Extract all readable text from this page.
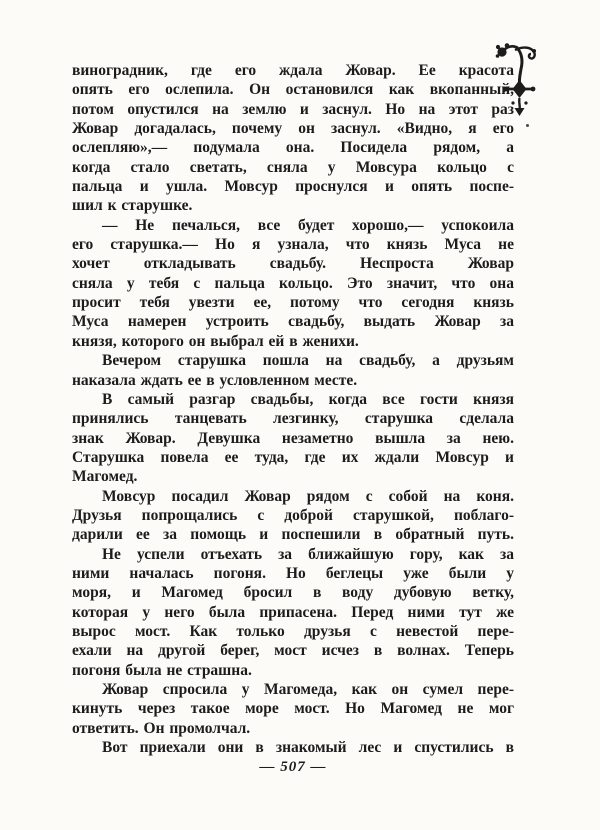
виноградник, где его ждала Жовар. Ее красота
опять его ослепила. Он остановился как вкопанный,
потом опустился на землю и заснул. Но на этот раз
Жовар догадалась, почему он заснул. «Видно, я его
ослепляю»,— подумала она. Посидела рядом, а
когда стало светать, сняла у Мовсура кольцо с
пальца и ушла. Мовсур проснулся и опять поспе-
шил к старушке.
— Не печалься, все будет хорошо,— успокоила
его старушка.— Но я узнала, что князь Муса не
хочет откладывать свадьбу. Неспроста Жовар
сняла у тебя с пальца кольцо. Это значит, что она
просит тебя увезти ее, потому что сегодня князь
Муса намерен устроить свадьбу, выдать Жовар за
князя, которого он выбрал ей в женихи.
Вечером старушка пошла на свадьбу, а друзьям
наказала ждать ее в условленном месте.
В самый разгар свадьбы, когда все гости князя
принялись танцевать лезгинку, старушка сделала
знак Жовар. Девушка незаметно вышла за нею.
Старушка повела ее туда, где их ждали Мовсур и
Магомед.
Мовсур посадил Жовар рядом с собой на коня.
Друзья попрощались с доброй старушкой, поблаго-
дарили ее за помощь и поспешили в обратный путь.
Не успели отъехать за ближайшую гору, как за
ними началась погоня. Но беглецы уже были у
моря, и Магомед бросил в воду дубовую ветку,
которая у него была припасена. Перед ними тут же
вырос мост. Как только друзья с невестой пере-
ехали на другой берег, мост исчез в волнах. Теперь
погоня была не страшна.
Жовар спросила у Магомеда, как он сумел пере-
кинуть через такое море мост. Но Магомед не мог
ответить. Он промолчал.
Вот приехали они в знакомый лес и спустились в
— 507 —
